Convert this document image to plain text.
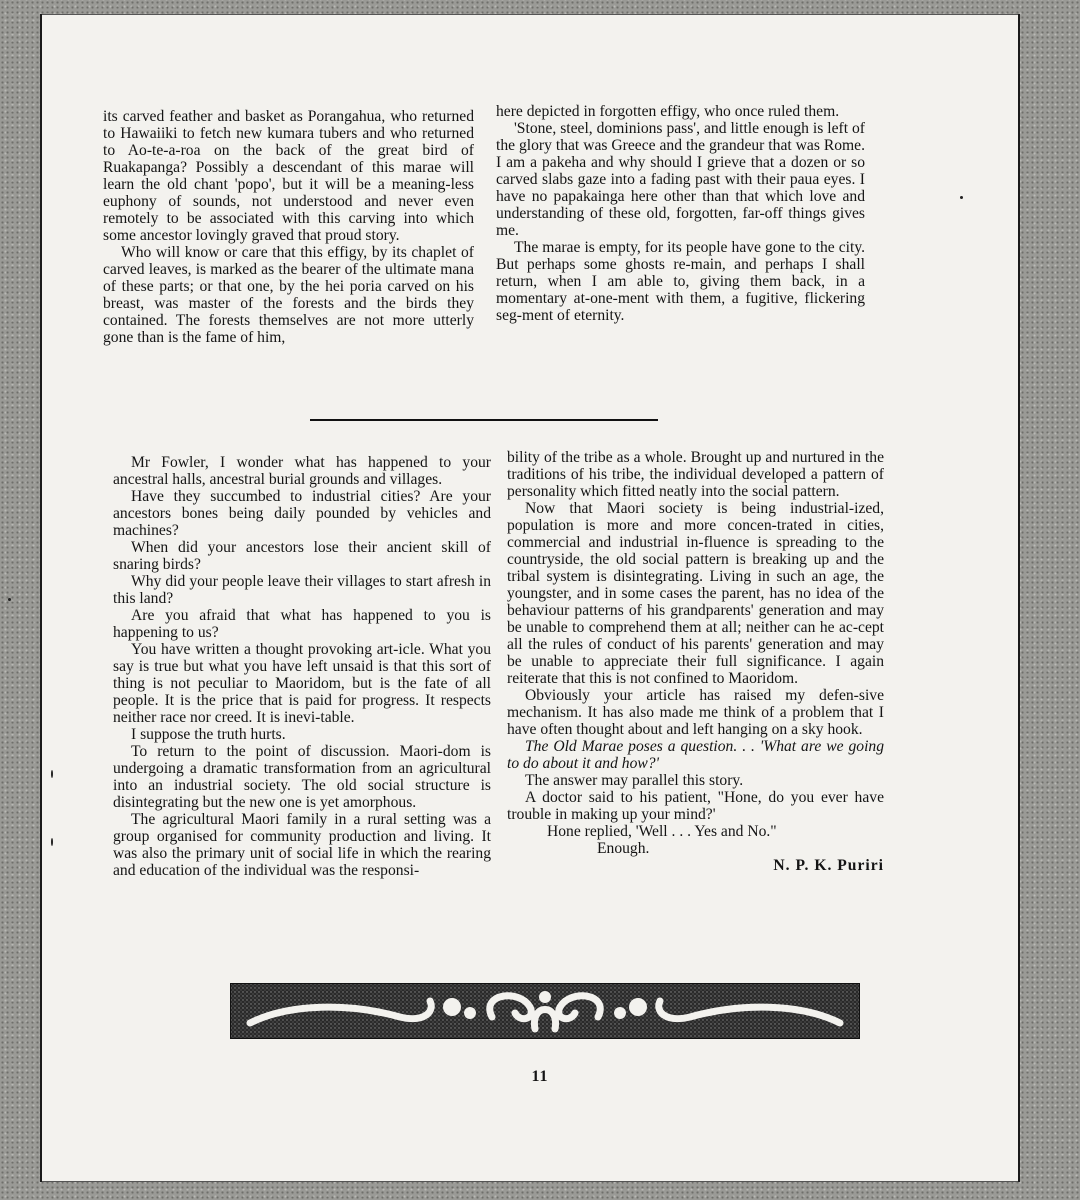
its carved feather and basket as Porangahua, who returned to Hawaiiki to fetch new kumara tubers and who returned to Ao-te-a-roa on the back of the great bird of Ruakapanga? Possibly a descendant of this marae will learn the old chant 'popo', but it will be a meaning-less euphony of sounds, not understood and never even remotely to be associated with this carving into which some ancestor lovingly graved that proud story.

Who will know or care that this effigy, by its chaplet of carved leaves, is marked as the bearer of the ultimate mana of these parts; or that one, by the hei poria carved on his breast, was master of the forests and the birds they contained. The forests themselves are not more utterly gone than is the fame of him,

here depicted in forgotten effigy, who once ruled them.

'Stone, steel, dominions pass', and little enough is left of the glory that was Greece and the grandeur that was Rome. I am a pakeha and why should I grieve that a dozen or so carved slabs gaze into a fading past with their paua eyes. I have no papakainga here other than that which love and understanding of these old, forgotten, far-off things gives me.

The marae is empty, for its people have gone to the city. But perhaps some ghosts re-main, and perhaps I shall return, when I am able to, giving them back, in a momentary at-one-ment with them, a fugitive, flickering seg-ment of eternity.

Mr Fowler, I wonder what has happened to your ancestral halls, ancestral burial grounds and villages.

Have they succumbed to industrial cities? Are your ancestors bones being daily pounded by vehicles and machines?

When did your ancestors lose their ancient skill of snaring birds?

Why did your people leave their villages to start afresh in this land?

Are you afraid that what has happened to you is happening to us?

You have written a thought provoking art-icle. What you say is true but what you have left unsaid is that this sort of thing is not peculiar to Maoridom, but is the fate of all people. It is the price that is paid for progress. It respects neither race nor creed. It is inevi-table.

I suppose the truth hurts.

To return to the point of discussion. Maori-dom is undergoing a dramatic transformation from an agricultural into an industrial society. The old social structure is disintegrating but the new one is yet amorphous.

The agricultural Maori family in a rural setting was a group organised for community production and living. It was also the primary unit of social life in which the rearing and education of the individual was the responsi-

bility of the tribe as a whole. Brought up and nurtured in the traditions of his tribe, the individual developed a pattern of personality which fitted neatly into the social pattern.

Now that Maori society is being industrial-ized, population is more and more concen-trated in cities, commercial and industrial in-fluence is spreading to the countryside, the old social pattern is breaking up and the tribal system is disintegrating. Living in such an age, the youngster, and in some cases the parent, has no idea of the behaviour patterns of his grandparents' generation and may be unable to comprehend them at all; neither can he ac-cept all the rules of conduct of his parents' generation and may be unable to appreciate their full significance. I again reiterate that this is not confined to Maoridom.

Obviously your article has raised my defen-sive mechanism. It has also made me think of a problem that I have often thought about and left hanging on a sky hook.

The Old Marae poses a question. . . 'What are we going to do about it and how?'

The answer may parallel this story.

A doctor said to his patient, "Hone, do you ever have trouble in making up your mind?'

Hone replied, 'Well . . . Yes and No."

Enough.

N. P. K. Puriri

11
